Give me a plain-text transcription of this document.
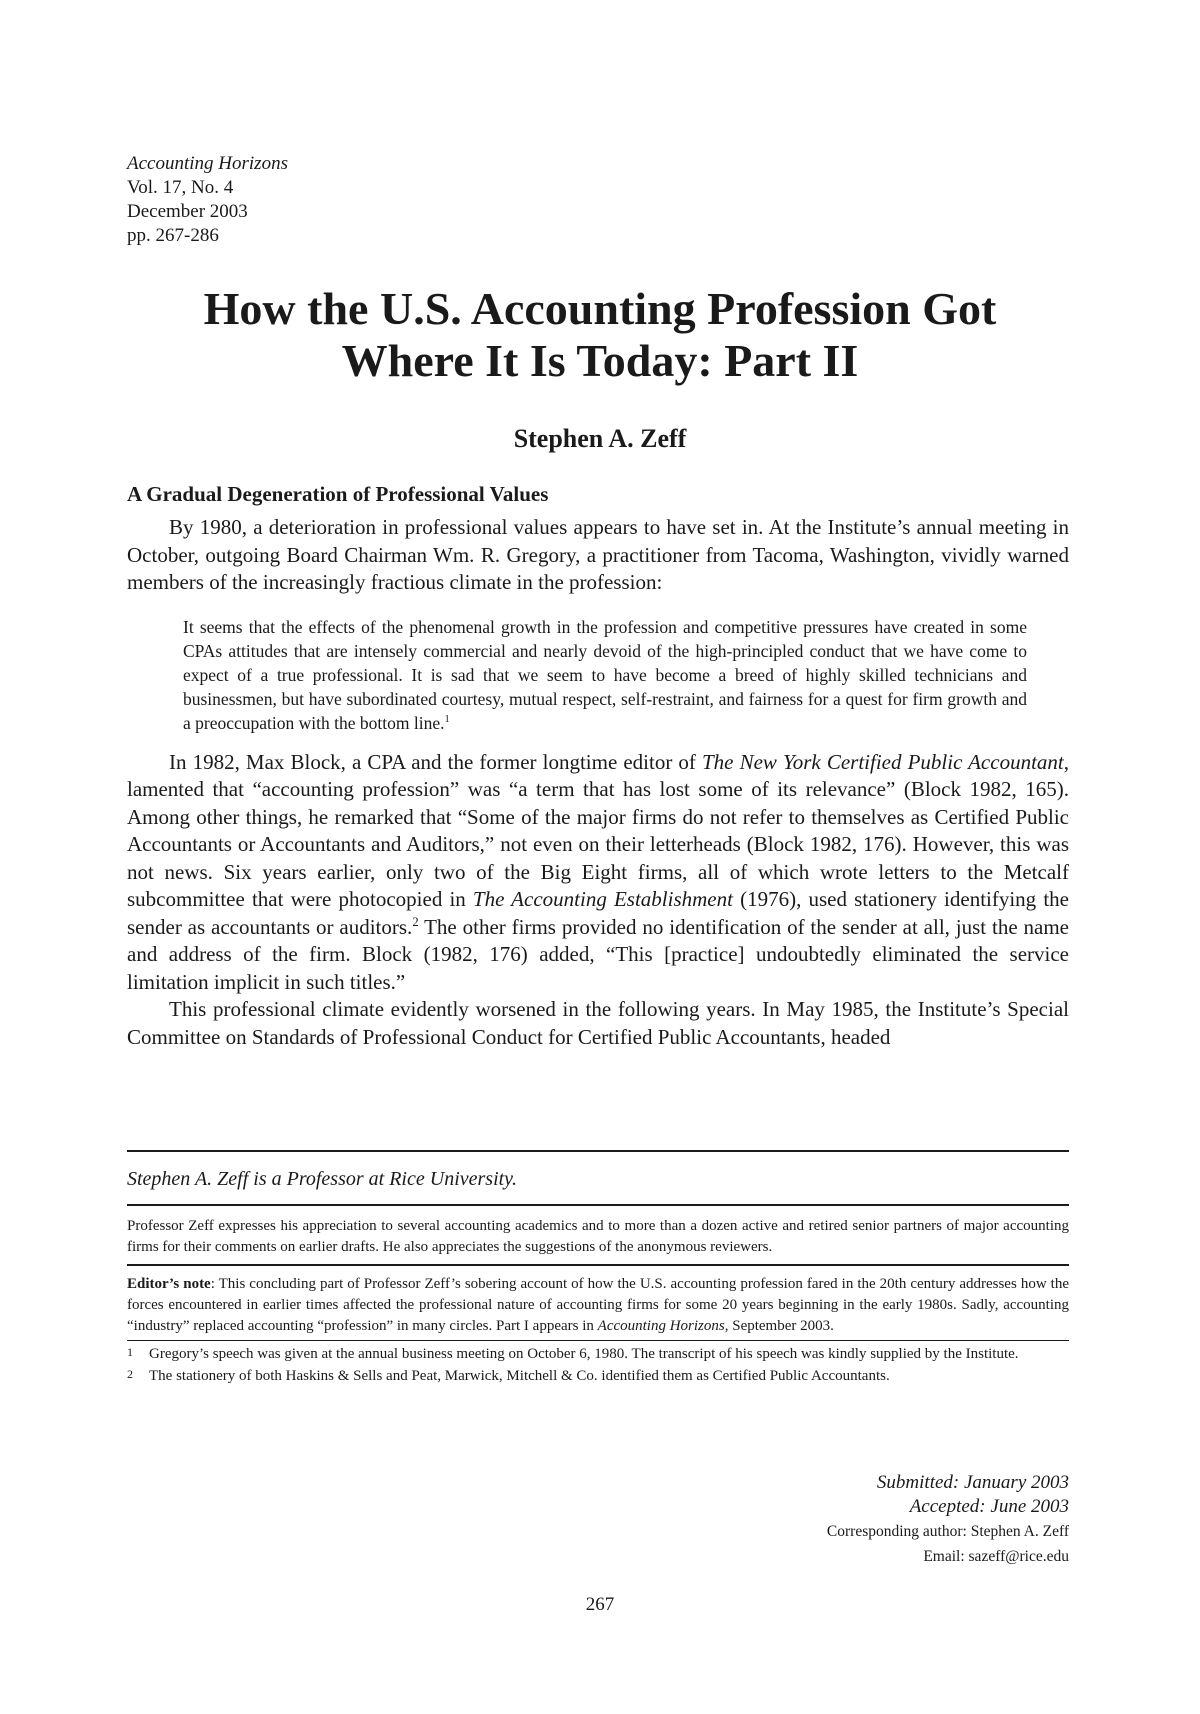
Accounting Horizons
Vol. 17, No. 4
December 2003
pp. 267-286
How the U.S. Accounting Profession Got
Where It Is Today: Part II
Stephen A. Zeff
A Gradual Degeneration of Professional Values

By 1980, a deterioration in professional values appears to have set in. At the Institute’s annual meeting in October, outgoing Board Chairman Wm. R. Gregory, a practitioner from Tacoma, Washington, vividly warned members of the increasingly fractious climate in the profession:

It seems that the effects of the phenomenal growth in the profession and competitive pressures have created in some CPAs attitudes that are intensely commercial and nearly devoid of the high-principled conduct that we have come to expect of a true professional. It is sad that we seem to have become a breed of highly skilled technicians and businessmen, but have subordinated courtesy, mutual respect, self-restraint, and fairness for a quest for firm growth and a preoccupation with the bottom line.$^1$

In 1982, Max Block, a CPA and the former longtime editor of The New York Certified Public Accountant, lamented that “accounting profession” was “a term that has lost some of its relevance” (Block 1982, 165). Among other things, he remarked that “Some of the major firms do not refer to themselves as Certified Public Accountants or Accountants and Auditors,” not even on their letterheads (Block 1982, 176). However, this was not news. Six years earlier, only two of the Big Eight firms, all of which wrote letters to the Metcalf subcommittee that were photocopied in The Accounting Establishment (1976), used stationery identifying the sender as accountants or auditors.$^2$ The other firms provided no identification of the sender at all, just the name and address of the firm. Block (1982, 176) added, “This [practice] undoubtedly eliminated the service limitation implicit in such titles.”

This professional climate evidently worsened in the following years. In May 1985, the Institute’s Special Committee on Standards of Professional Conduct for Certified Public Accountants, headed

Stephen A. Zeff is a Professor at Rice University.
Professor Zeff expresses his appreciation to several accounting academics and to more than a dozen active and retired senior partners of major accounting firms for their comments on earlier drafts. He also appreciates the suggestions of the anonymous reviewers.
Editor’s note: This concluding part of Professor Zeff’s sobering account of how the U.S. accounting profession fared in the 20th century addresses how the forces encountered in earlier times affected the professional nature of accounting firms for some 20 years beginning in the early 1980s. Sadly, accounting “industry” replaced accounting “profession” in many circles. Part I appears in Accounting Horizons, September 2003.
1	Gregory’s speech was given at the annual business meeting on October 6, 1980. The transcript of his speech was kindly supplied by the Institute.
2	The stationery of both Haskins & Sells and Peat, Marwick, Mitchell & Co. identified them as Certified Public Accountants.
Submitted: January 2003
Accepted: June 2003
Corresponding author: Stephen A. Zeff
Email: sazeff@rice.edu
267
